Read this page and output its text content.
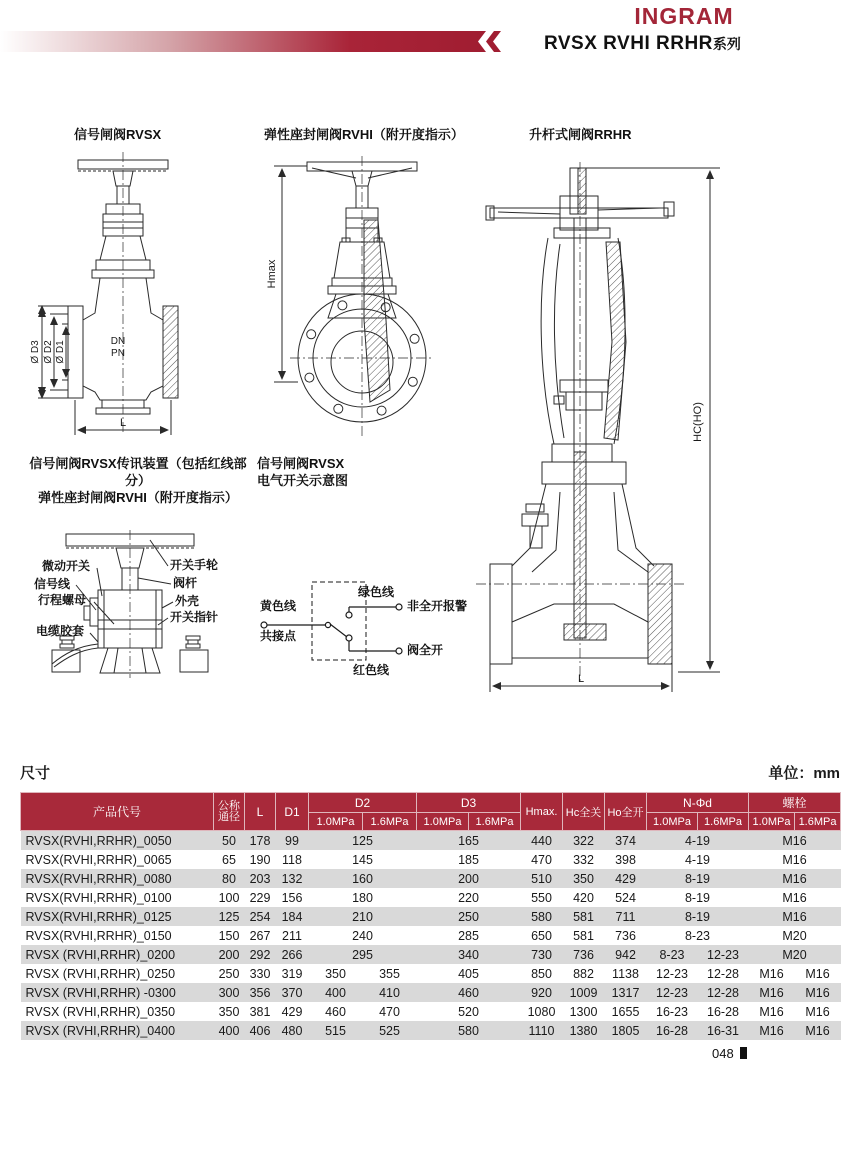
INGRAM
RVSX RVHI RRHR系列
信号闸阀RVSX	弹性座封闸阀RVHI（附开度指示）	升杆式闸阀RRHR
Ø D3 Ø D2 Ø D1
L
DN
PN
Hmax
HC(HO)
L
信号闸阀RVSX传讯装置（包括红线部分）
弹性座封闸阀RVHI（附开度指示）
信号闸阀RVSX
电气开关示意图
微动开关
信号线
行程螺母
电缆胶套
开关手轮
阀杆
外壳
开关指针
黄色线
共接点
绿色线
非全开报警
阀全开
红色线
尺寸	单位：mm
产品代号	公称
通径	L	D1	D2		D3		Hmax.	Hc全关	Ho全开	N-Φd		螺栓	
				1.0MPa	1.6MPa	1.0MPa	1.6MPa				1.0MPa	1.6MPa	1.0MPa	1.6MPa
RVSX(RVHI,RRHR)_0050	50	178	99	125		165		440	322	374	4-19		M16	
RVSX(RVHI,RRHR)_0065	65	190	118	145		185		470	332	398	4-19		M16	
RVSX(RVHI,RRHR)_0080	80	203	132	160		200		510	350	429	8-19		M16	
RVSX(RVHI,RRHR)_0100	100	229	156	180		220		550	420	524	8-19		M16	
RVSX(RVHI,RRHR)_0125	125	254	184	210		250		580	581	711	8-19		M16	
RVSX(RVHI,RRHR)_0150	150	267	211	240		285		650	581	736	8-23		M20	
RVSX (RVHI,RRHR)_0200	200	292	266	295		340		730	736	942	8-23	12-23	M20	
RVSX (RVHI,RRHR)_0250	250	330	319	350	355	405		850	882	1138	12-23	12-28	M16	M16
RVSX (RVHI,RRHR) -0300	300	356	370	400	410	460		920	1009	1317	12-23	12-28	M16	M16
RVSX (RVHI,RRHR)_0350	350	381	429	460	470	520		1080	1300	1655	16-23	16-28	M16	M16
RVSX (RVHI,RRHR)_0400	400	406	480	515	525	580		1110	1380	1805	16-28	16-31	M16	M16
048
